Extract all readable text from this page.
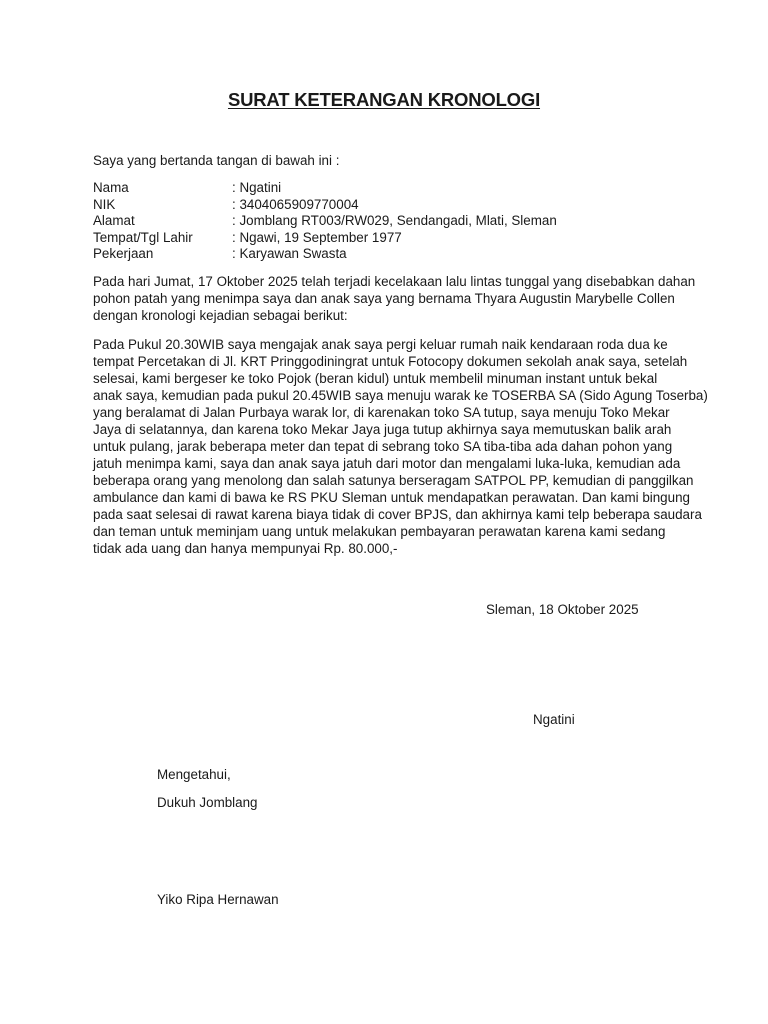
SURAT KETERANGAN KRONOLOGI
Saya yang bertanda tangan di bawah ini :
Nama	: Ngatini
NIK	: 3404065909770004
Alamat	: Jomblang RT003/RW029, Sendangadi, Mlati, Sleman
Tempat/Tgl Lahir	: Ngawi, 19 September 1977
Pekerjaan	: Karyawan Swasta
Pada hari Jumat, 17 Oktober 2025 telah terjadi kecelakaan lalu lintas tunggal yang disebabkan dahan
pohon patah yang menimpa saya dan anak saya yang bernama Thyara Augustin Marybelle Collen
dengan kronologi kejadian sebagai berikut:
Pada Pukul 20.30WIB saya mengajak anak saya pergi keluar rumah naik kendaraan roda dua ke
tempat Percetakan di Jl. KRT Pringgodiningrat untuk Fotocopy dokumen sekolah anak saya, setelah
selesai, kami bergeser ke toko Pojok (beran kidul) untuk membelil minuman instant untuk bekal
anak saya, kemudian pada pukul 20.45WIB saya menuju warak ke TOSERBA SA (Sido Agung Toserba)
yang beralamat di Jalan Purbaya warak lor, di karenakan toko SA tutup, saya menuju Toko Mekar
Jaya di selatannya, dan karena toko Mekar Jaya juga tutup akhirnya saya memutuskan balik arah
untuk pulang, jarak beberapa meter dan tepat di sebrang toko SA tiba-tiba ada dahan pohon yang
jatuh menimpa kami, saya dan anak saya jatuh dari motor dan mengalami luka-luka, kemudian ada
beberapa orang yang menolong dan salah satunya berseragam SATPOL PP, kemudian di panggilkan
ambulance dan kami di bawa ke RS PKU Sleman untuk mendapatkan perawatan. Dan kami bingung
pada saat selesai di rawat karena biaya tidak di cover BPJS, dan akhirnya kami telp beberapa saudara
dan teman untuk meminjam uang untuk melakukan pembayaran perawatan karena kami sedang
tidak ada uang dan hanya mempunyai Rp. 80.000,-
Sleman, 18 Oktober 2025
Ngatini
Mengetahui,
Dukuh Jomblang
Yiko Ripa Hernawan
